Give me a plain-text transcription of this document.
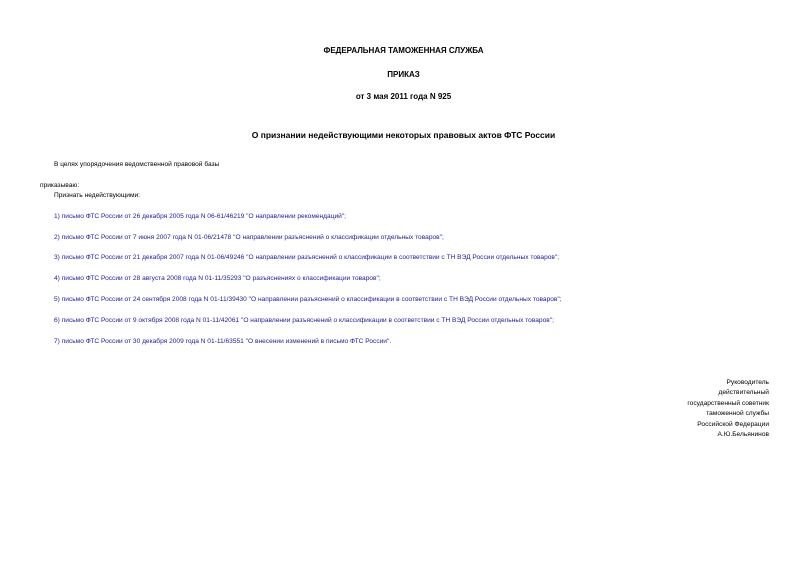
ФЕДЕРАЛЬНАЯ ТАМОЖЕННАЯ СЛУЖБА
ПРИКАЗ
от 3 мая 2011 года N 925
О признании недействующими некоторых правовых актов ФТС России
В целях упорядочения ведомственной правовой базы
приказываю:
Признать недействующими:
1) письмо ФТС России от 26 декабря 2005 года N 06-61/46219 "О направлении рекомендаций";
2) письмо ФТС России от 7 июня 2007 года N 01-06/21478 "О направлении разъяснений о классификации отдельных товаров";
3) письмо ФТС России от 21 декабря 2007 года N 01-06/49246 "О направлении разъяснений о классификации в соответствии с ТН ВЭД России отдельных товаров";
4) письмо ФТС России от 28 августа 2008 года N 01-11/35293 "О разъяснениях о классификации товаров";
5) письмо ФТС России от 24 сентября 2008 года N 01-11/39430 "О направлении разъяснений о классификации в соответствии с ТН ВЭД России отдельных товаров";
6) письмо ФТС России от 9 октября 2008 года N 01-11/42061 "О направлении разъяснений о классификации в соответствии с ТН ВЭД России отдельных товаров";
7) письмо ФТС России от 30 декабря 2009 года N 01-11/63551 "О внесении изменений в письмо ФТС России".
Руководитель
действительный
государственный советник
таможенной службы
Российской Федерации
А.Ю.Бельянинов
